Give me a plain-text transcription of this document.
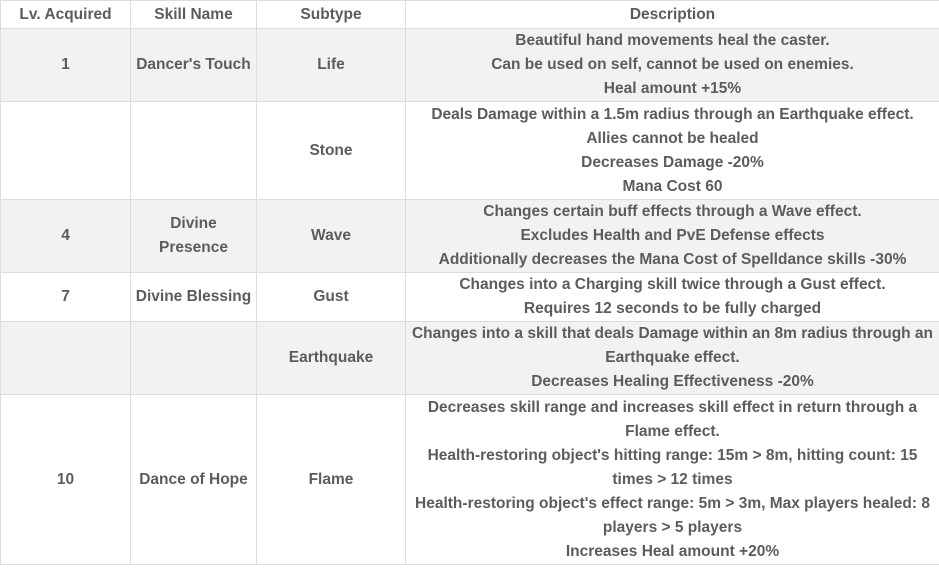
Lv. Acquired	Skill Name	Subtype	Description
1	Dancer's Touch	Life	Beautiful hand movements heal the caster.
Can be used on self, cannot be used on enemies.
Heal amount +15%

		Stone	Deals Damage within a 1.5m radius through an Earthquake effect.
Allies cannot be healed
Decreases Damage -20%
Mana Cost 60

4	Divine Presence	Wave	Changes certain buff effects through a Wave effect.
Excludes Health and PvE Defense effects
Additionally decreases the Mana Cost of Spelldance skills -30%

7	Divine Blessing	Gust	Changes into a Charging skill twice through a Gust effect.
Requires 12 seconds to be fully charged

		Earthquake	Changes into a skill that deals Damage within an 8m radius through an Earthquake effect.
Decreases Healing Effectiveness -20%

10	Dance of Hope	Flame	Decreases skill range and increases skill effect in return through a Flame effect.
Health-restoring object's hitting range: 15m > 8m, hitting count: 15 times > 12 times
Health-restoring object's effect range: 5m > 3m, Max players healed: 8 players > 5 players
Increases Heal amount +20%
